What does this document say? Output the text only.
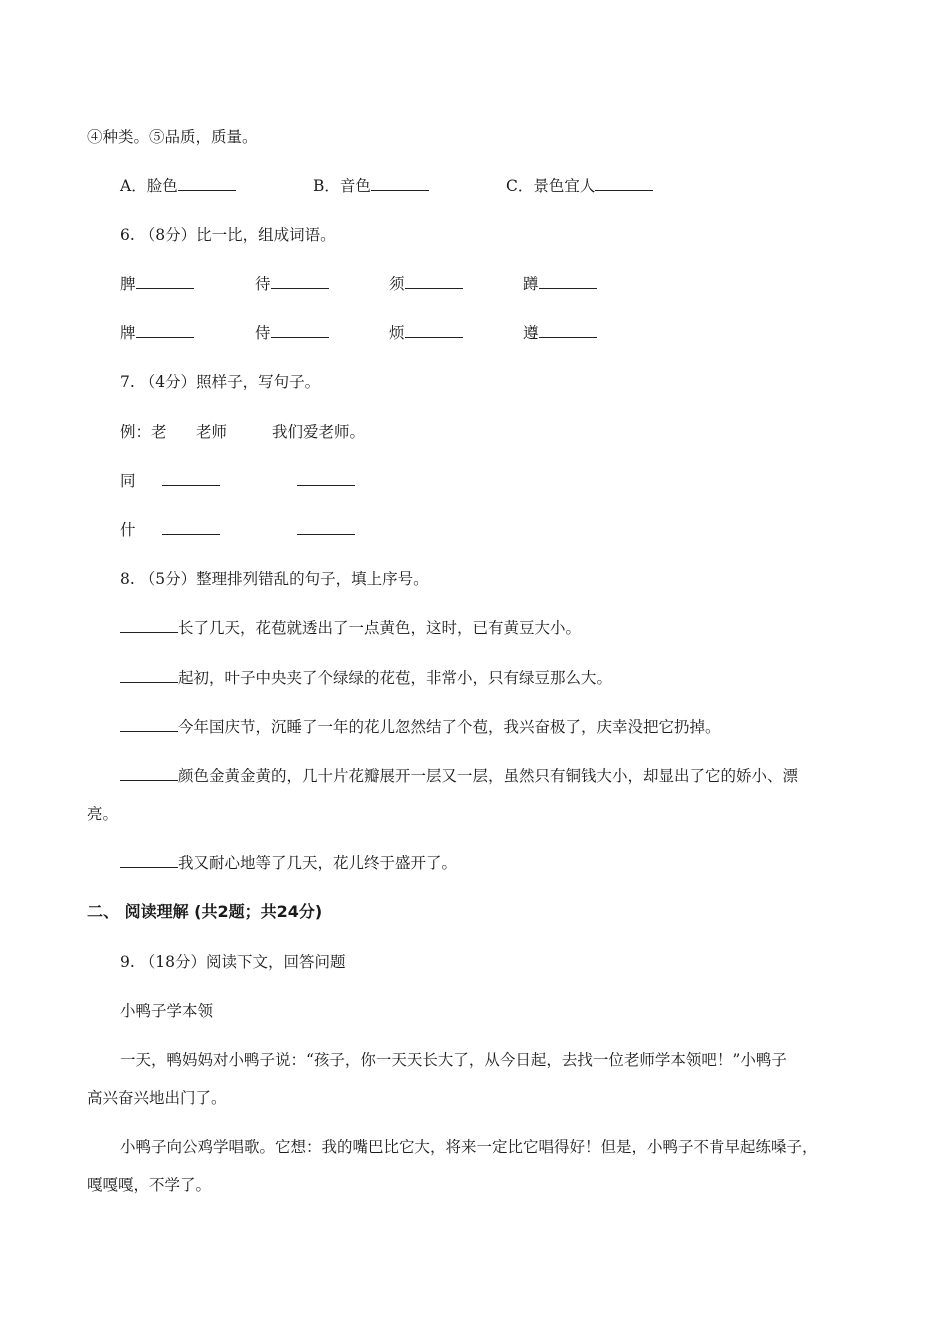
④种类。⑤品质，质量。
A．脸色	B．音色	C．景色宜人
6. （8分）比一比，组成词语。
脾	待	须	蹲
牌	侍	烦	遵
7. （4分）照样子，写句子。
例：老 老师	我们爱老师。
同
什
8. （5分）整理排列错乱的句子，填上序号。
长了几天，花苞就透出了一点黄色，这时，已有黄豆大小。
起初，叶子中央夹了个绿绿的花苞，非常小，只有绿豆那么大。
今年国庆节，沉睡了一年的花儿忽然结了个苞，我兴奋极了，庆幸没把它扔掉。
颜色金黄金黄的，几十片花瓣展开一层又一层，虽然只有铜钱大小，却显出了它的娇小、漂
亮。
我又耐心地等了几天，花儿终于盛开了。
二、 阅读理解 (共2题；共24分)
9. （18分）阅读下文，回答问题
小鸭子学本领
一天，鸭妈妈对小鸭子说：“孩子，你一天天长大了，从今日起，去找一位老师学本领吧！”小鸭子
高兴奋兴地出门了。
小鸭子向公鸡学唱歌。它想：我的嘴巴比它大，将来一定比它唱得好！但是，小鸭子不肯早起练嗓子，
嘎嘎嘎，不学了。
